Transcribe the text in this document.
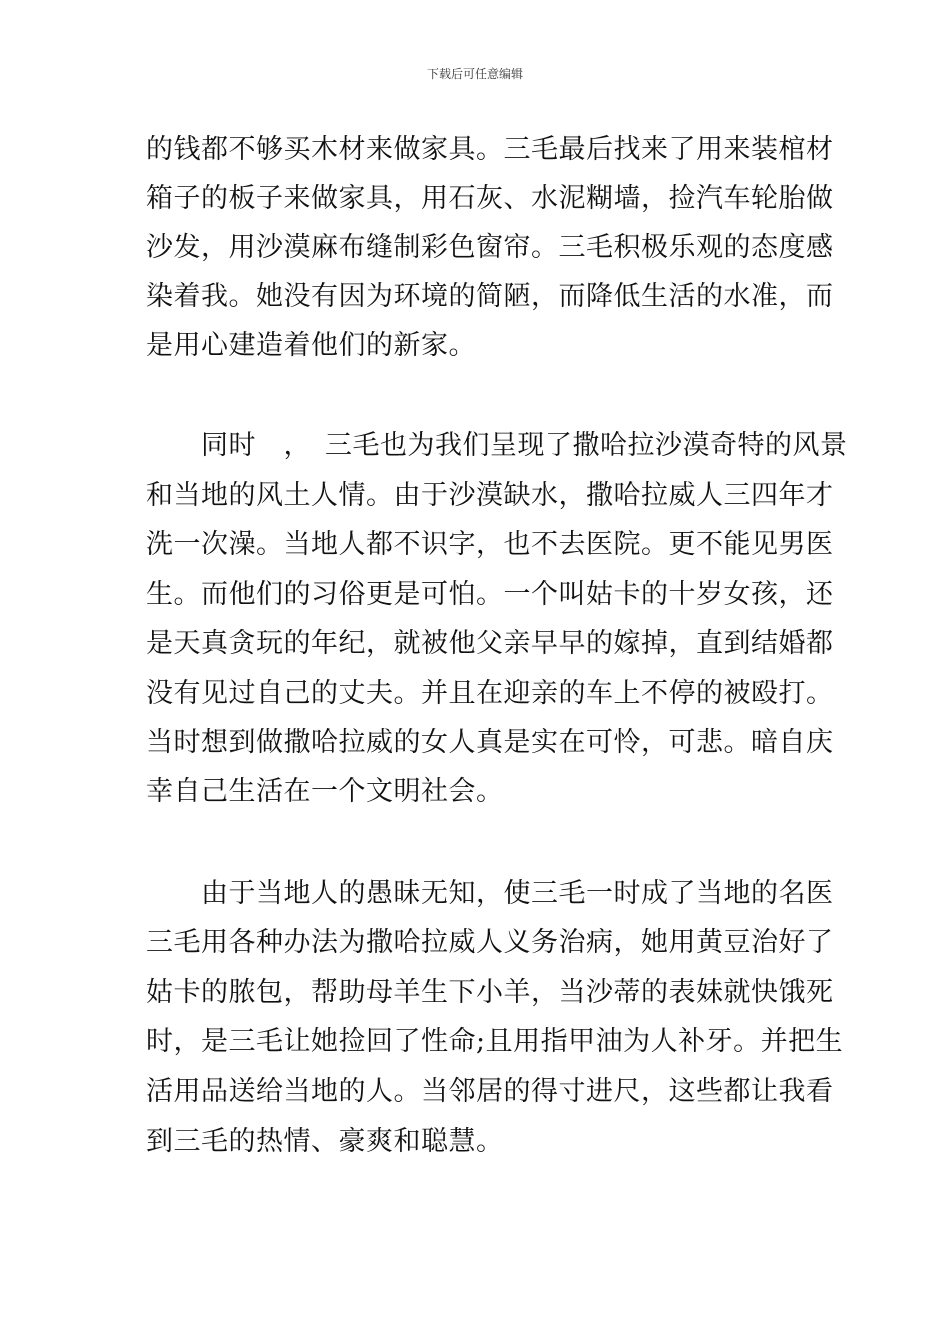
下载后可任意编辑
的钱都不够买木材来做家具。三毛最后找来了用来装棺材
箱子的板子来做家具，用石灰、水泥糊墙，捡汽车轮胎做
沙发，用沙漠麻布缝制彩色窗帘。三毛积极乐观的态度感
染着我。她没有因为环境的简陋，而降低生活的水准，而
是用心建造着他们的新家。
　　同时　，　三毛也为我们呈现了撒哈拉沙漠奇特的风景
和当地的风土人情。由于沙漠缺水，撒哈拉威人三四年才
洗一次澡。当地人都不识字，也不去医院。更不能见男医
生。而他们的习俗更是可怕。一个叫姑卡的十岁女孩，还
是天真贪玩的年纪，就被他父亲早早的嫁掉，直到结婚都
没有见过自己的丈夫。并且在迎亲的车上不停的被殴打。
当时想到做撒哈拉威的女人真是实在可怜，可悲。暗自庆
幸自己生活在一个文明社会。
　　由于当地人的愚昧无知，使三毛一时成了当地的名医
三毛用各种办法为撒哈拉威人义务治病，她用黄豆治好了
姑卡的脓包，帮助母羊生下小羊，当沙蒂的表妹就快饿死
时，是三毛让她捡回了性命;且用指甲油为人补牙。并把生
活用品送给当地的人。当邻居的得寸进尺，这些都让我看
到三毛的热情、豪爽和聪慧。
